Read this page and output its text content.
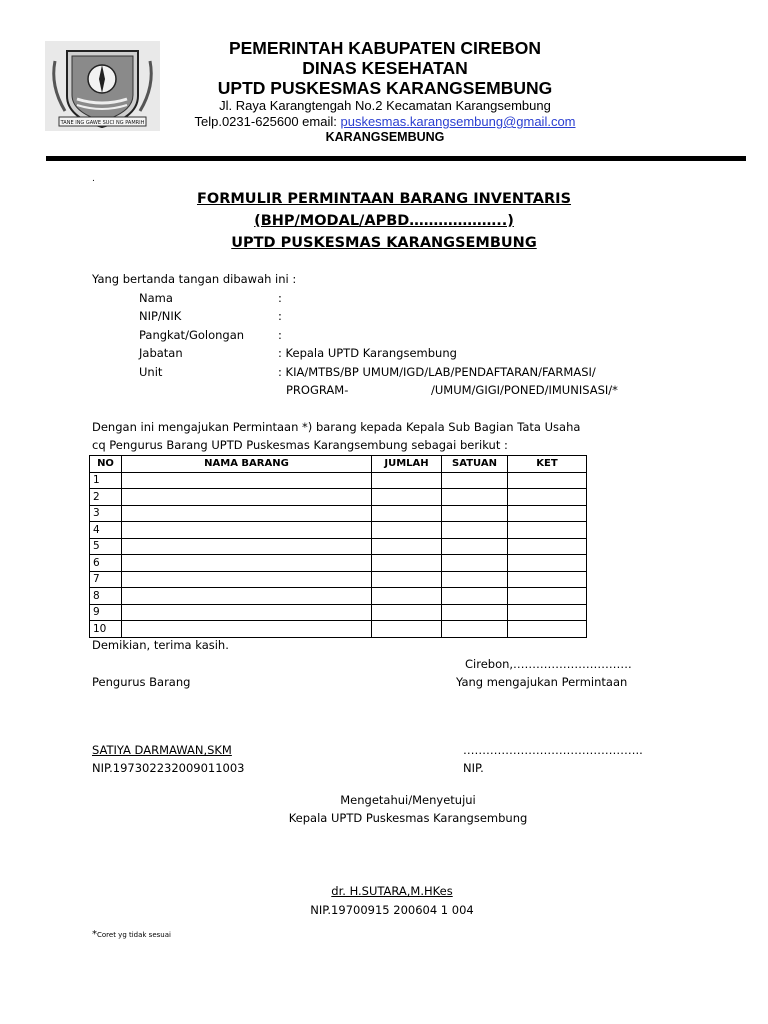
TANE ING GAWE SUCI NG PAMRIH
PEMERINTAH KABUPATEN CIREBON
DINAS KESEHATAN
UPTD PUSKESMAS KARANGSEMBUNG
Jl. Raya Karangtengah No.2 Kecamatan Karangsembung
Telp.0231-625600 email: puskesmas.karangsembung@gmail.com
KARANGSEMBUNG
.
FORMULIR PERMINTAAN BARANG INVENTARIS
(BHP/MODAL/APBD………………..)
UPTD PUSKESMAS KARANGSEMBUNG
Yang bertanda tangan dibawah ini :
Nama	:
NIP/NIK	:
Pangkat/Golongan	:
Jabatan	: Kepala UPTD Karangsembung
Unit	: KIA/MTBS/BP UMUM/IGD/LAB/PENDAFTARAN/FARMASI/
PROGRAM-	/UMUM/GIGI/PONED/IMUNISASI/*
Dengan ini mengajukan Permintaan *) barang kepada Kepala Sub Bagian Tata Usaha
cq Pengurus Barang UPTD Puskesmas Karangsembung sebagai berikut :
NO	NAMA BARANG	JUMLAH	SATUAN	KET
1				
2				
3				
4				
5				
6				
7				
8				
9				
10				
Demikian, terima kasih.
Cirebon,………………………….
Pengurus Barang	Yang mengajukan Permintaan
SATIYA DARMAWAN,SKM
NIP.197302232009011003
………………………………………..
NIP.
Mengetahui/Menyetujui
Kepala UPTD Puskesmas Karangsembung
dr. H.SUTARA,M.HKes
NIP.19700915 200604 1 004
*Coret yg tidak sesuai
